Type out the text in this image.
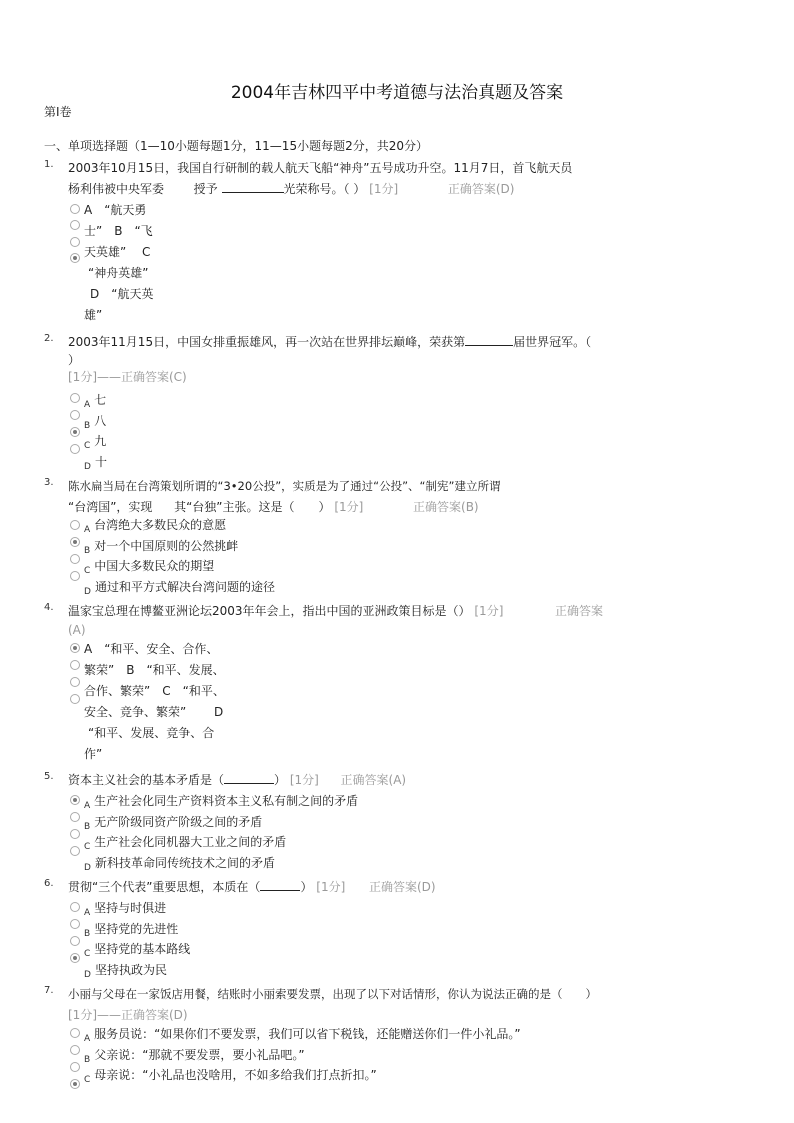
2004年吉林四平中考道德与法治真题及答案
第Ⅰ卷
一、单项选择题（1—10小题每题1分，11—15小题每题2分，共20分）
1. 2003年10月15日，我国自行研制的载人航天飞船“神舟”五号成功升空。11月7日，首飞航天员
杨利伟被中央军委 授予	光荣称号。（ ） [1分]	正确答案(D)
A　“航天勇
士”　B　“飞
天英雄”　 C
“神舟英雄”
D　“航天英
雄”
2. 2003年11月15日，中国女排重振雄风，再一次站在世界排坛巅峰，荣获第	届世界冠军。（
）
[1分]——正确答案(C)
$_A$ 七
$_B$ 八
$_C$ 九
$_D$ 十
3. 陈水扁当局在台湾策划所谓的“3•20公投”，实质是为了通过“公投”、“制宪”建立所谓
“台湾国”，实现 其“台独”主张。这是（　　） [1分]	正确答案(B)
$_A$ 台湾绝大多数民众的意愿
$_B$ 对一个中国原则的公然挑衅
$_C$ 中国大多数民众的期望
$_D$ 通过和平方式解决台湾问题的途径
4. 温家宝总理在博鳌亚洲论坛2003年年会上，指出中国的亚洲政策目标是（） [1分]	正确答案
(A)
A　“和平、安全、合作、
繁荣”　B　“和平、发展、
合作、繁荣”　C　“和平、
安全、竞争、繁荣”　　 D
“和平、发展、竞争、合
作”
5. 资本主义社会的基本矛盾是（	） [1分] 正确答案(A)
$_A$ 生产社会化同生产资料资本主义私有制之间的矛盾
$_B$ 无产阶级同资产阶级之间的矛盾
$_C$ 生产社会化同机器大工业之间的矛盾
$_D$ 新科技革命同传统技术之间的矛盾
6. 贯彻“三个代表”重要思想，本质在（	） [1分] 正确答案(D)
$_A$ 坚持与时俱进
$_B$ 坚持党的先进性
$_C$ 坚持党的基本路线
$_D$ 坚持执政为民
7. 小丽与父母在一家饭店用餐，结账时小丽索要发票，出现了以下对话情形，你认为说法正确的是（　　）
[1分]——正确答案(D)
$_A$ 服务员说：“如果你们不要发票，我们可以省下税钱，还能赠送你们一件小礼品。”
$_B$ 父亲说：“那就不要发票，要小礼品吧。”
$_C$ 母亲说：“小礼品也没啥用，不如多给我们打点折扣。”
